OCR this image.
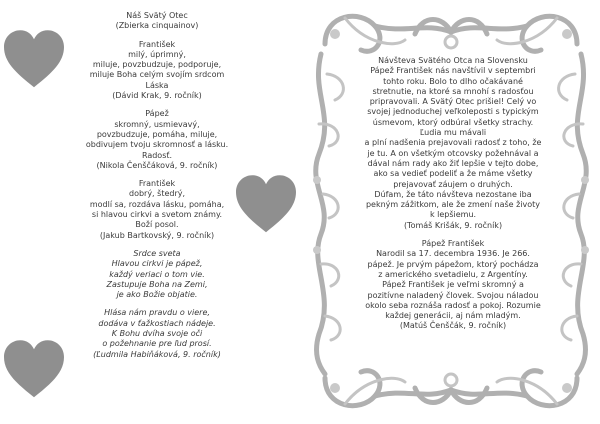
Náš Svätý Otec
(Zbierka cinquainov)
František
milý, úprimný,
miluje, povzbudzuje, podporuje,
miluje Boha celým svojím srdcom
Láska
(Dávid Krak, 9. ročník)
Pápež
skromný, usmievavý,
povzbudzuje, pomáha, miluje,
obdivujem tvoju skromnosť a lásku.
Radosť.
(Nikola Čenščáková, 9. ročník)
František
dobrý, štedrý,
modlí sa, rozdáva lásku, pomáha,
si hlavou cirkvi a svetom známy.
Boží posol.
(Jakub Bartkovský, 9. ročník)
Srdce sveta
Hlavou cirkvi je pápež,
každý veriaci o tom vie.
Zastupuje Boha na Zemi,
je ako Božie objatie.
Hlása nám pravdu o viere,
dodáva v ťažkostiach nádeje.
K Bohu dvíha svoje oči
o požehnanie pre ľud prosí.
(Ľudmila Habiňáková, 9. ročník)
Návšteva Svätého Otca na Slovensku
Pápež František nás navštívil v septembri
tohto roku. Bolo to dlho očakávané
stretnutie, na ktoré sa mnohí s radosťou
pripravovali. A Svätý Otec prišiel! Celý vo
svojej jednoduchej veľkoleposti s typickým
úsmevom, ktorý odbúral všetky strachy.
Ľudia mu mávali
a plní nadšenia prejavovali radosť z toho, že
je tu. A on všetkým otcovsky požehnával a
dával nám rady ako žiť lepšie v tejto dobe,
ako sa vedieť podeliť a že máme všetky
prejavovať záujem o druhých.
Dúfam, že táto návšteva nezostane iba
pekným zážitkom, ale že zmení naše životy
k lepšiemu.
(Tomáš Krišák, 9. ročník)
Pápež František
Narodil sa 17. decembra 1936. Je 266.
pápež. Je prvým pápežom, ktorý pochádza
z amerického svetadielu, z Argentíny.
Pápež František je veľmi skromný a
pozitívne naladený človek. Svojou náladou
okolo seba roznáša radosť a pokoj. Rozumie
každej generácii, aj nám mladým.
(Matúš Čenščák, 9. ročník)
